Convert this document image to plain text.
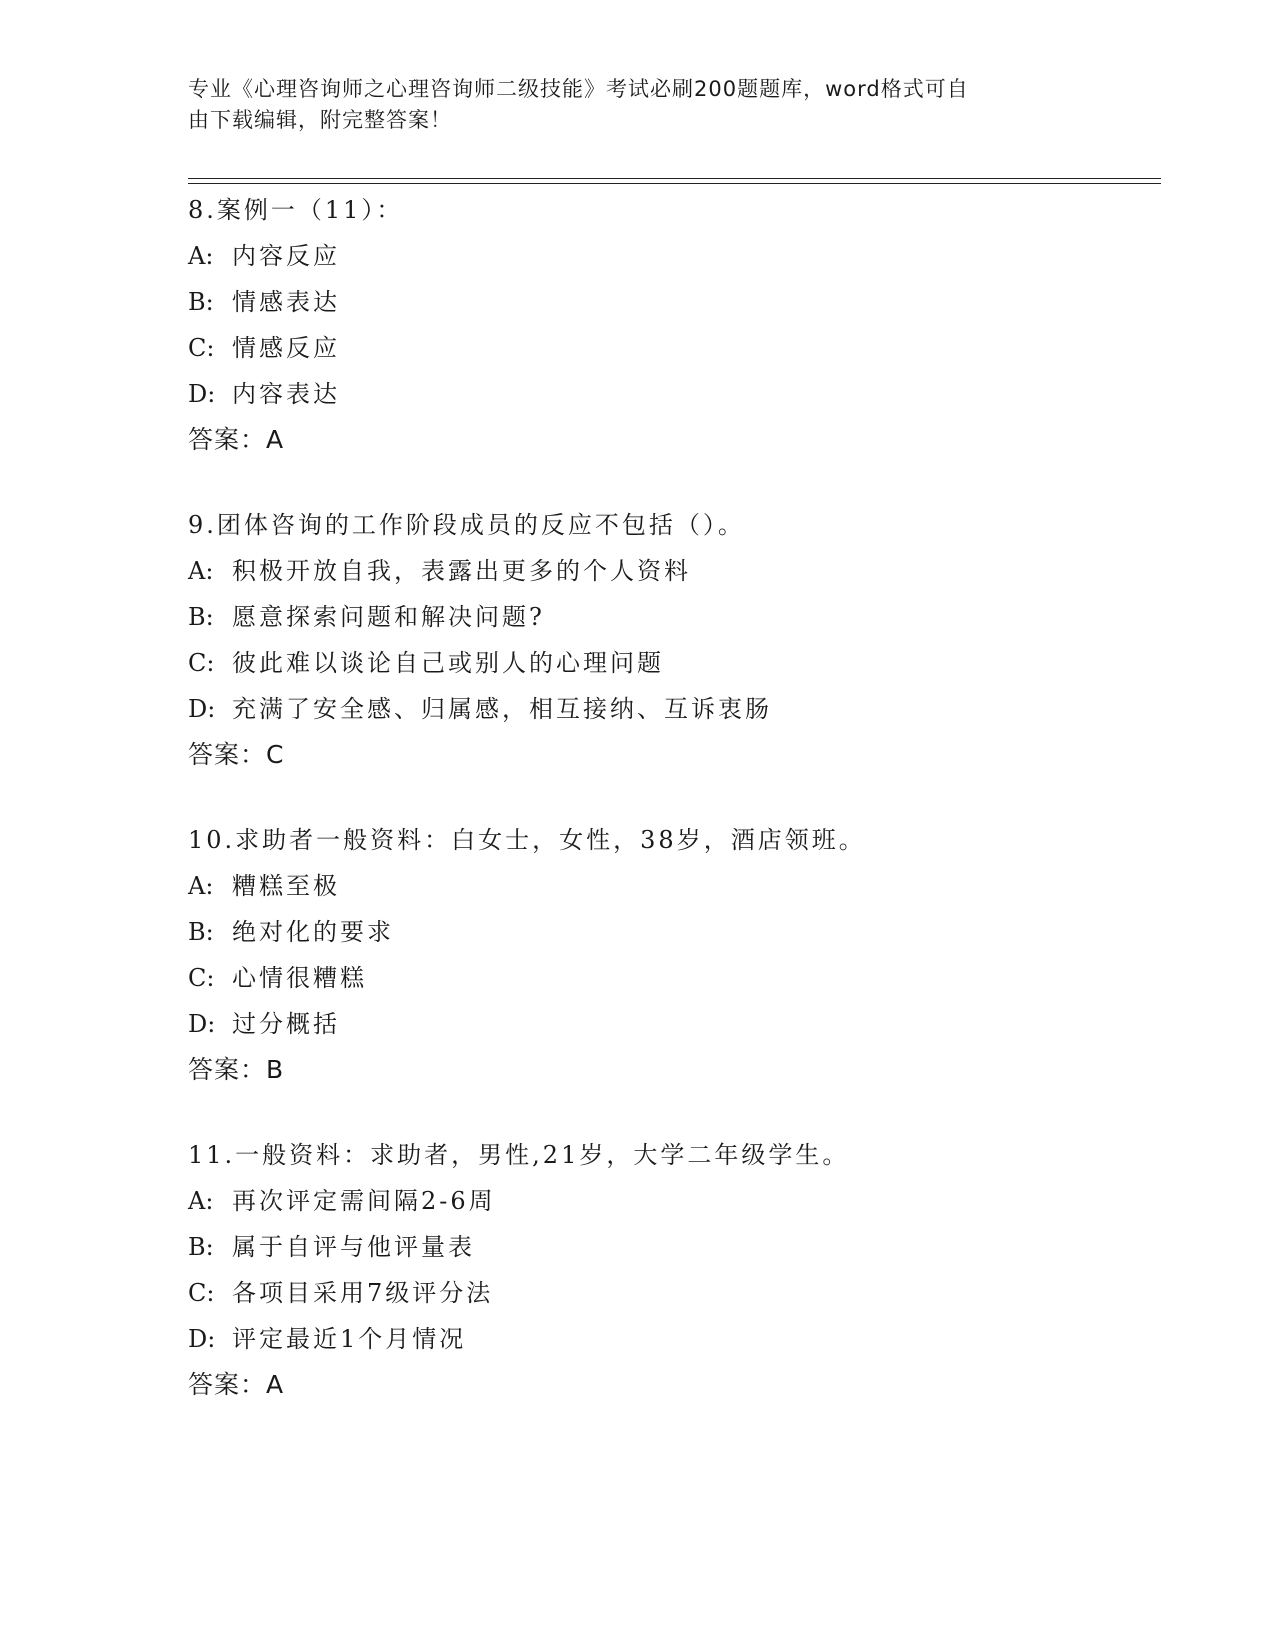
专业《心理咨询师之心理咨询师二级技能》考试必刷200题题库，word格式可自
由下载编辑，附完整答案！
8.案例一（11）：
A: 内容反应
B: 情感表达
C: 情感反应
D: 内容表达
答案：A
9.团体咨询的工作阶段成员的反应不包括（）。
A: 积极开放自我，表露出更多的个人资料
B: 愿意探索问题和解决问题?
C: 彼此难以谈论自己或别人的心理问题
D: 充满了安全感、归属感，相互接纳、互诉衷肠
答案：C
10.求助者一般资料：白女士，女性，38岁，酒店领班。
A: 糟糕至极
B: 绝对化的要求
C: 心情很糟糕
D: 过分概括
答案：B
11.一般资料：求助者，男性,21岁，大学二年级学生。
A: 再次评定需间隔2-6周
B: 属于自评与他评量表
C: 各项目采用7级评分法
D: 评定最近1个月情况
答案：A
